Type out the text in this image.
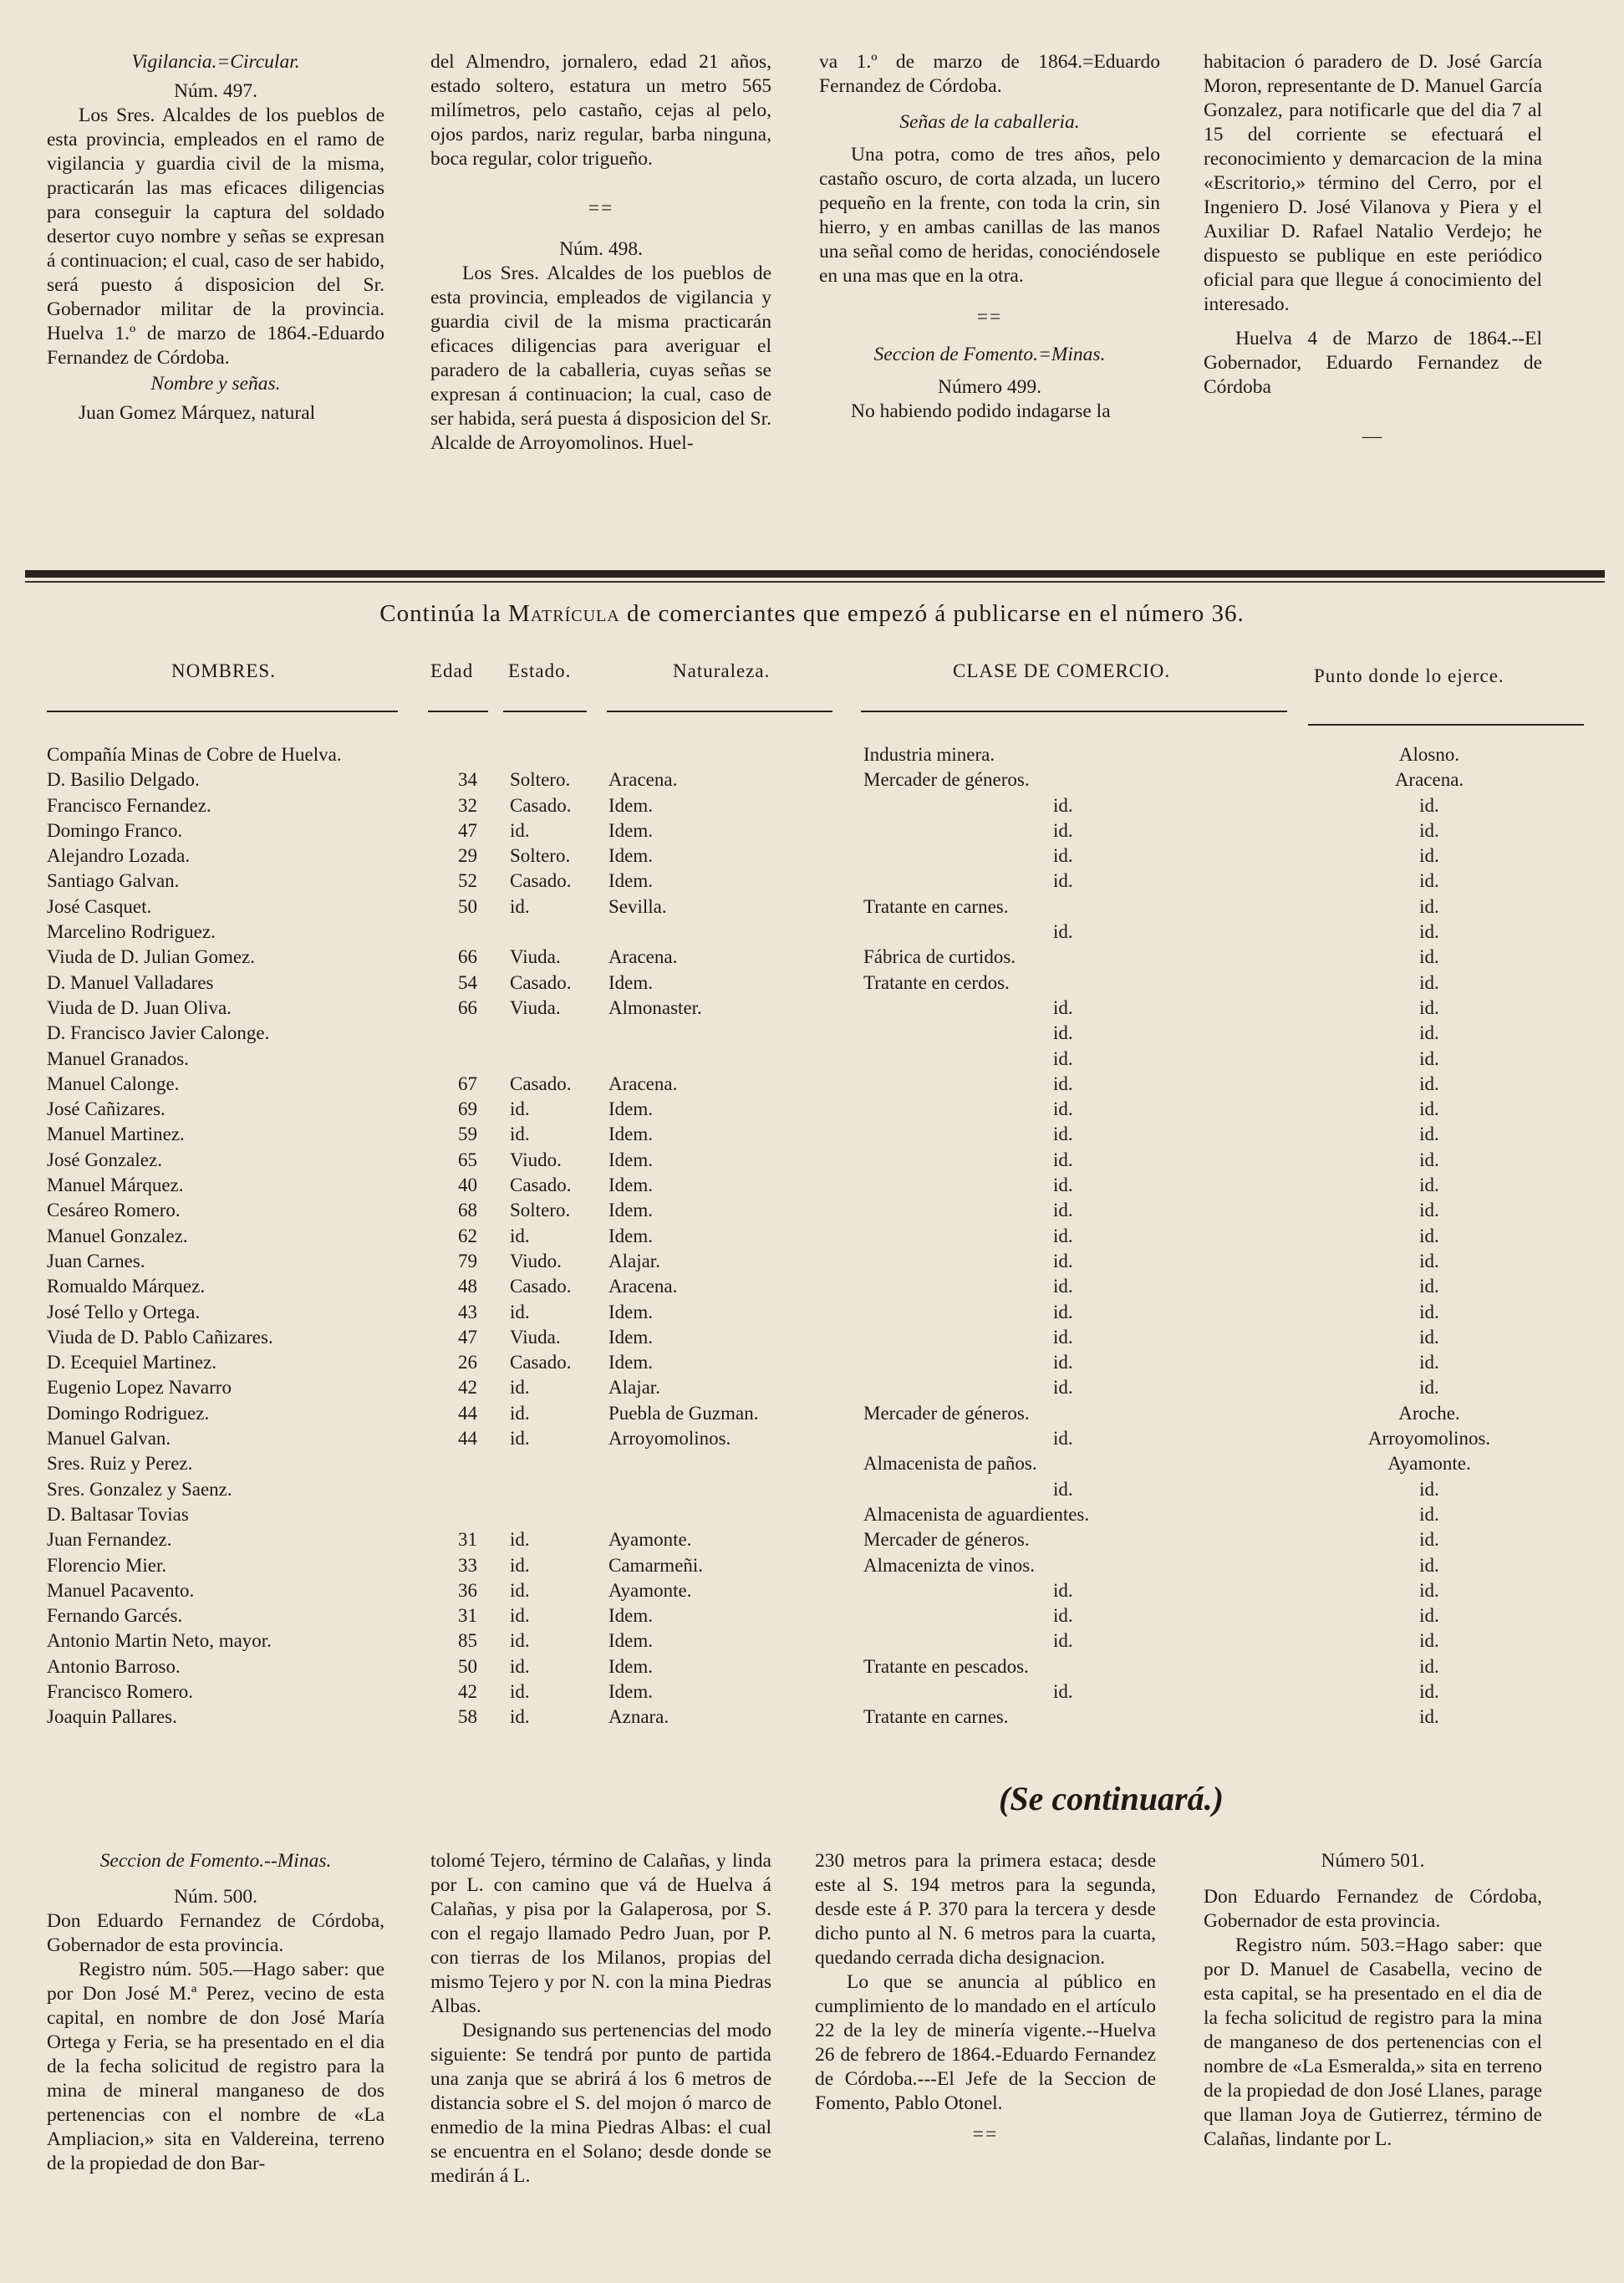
Vigilancia.=Circular.

Núm. 497.

Los Sres. Alcaldes de los pueblos de esta provincia, empleados en el ramo de vigilancia y guardia civil de la misma, practicarán las mas eficaces diligencias para conseguir la captura del soldado desertor cuyo nombre y señas se expresan á continuacion; el cual, caso de ser habido, será puesto á disposicion del Sr. Gobernador militar de la provincia. Huelva 1.º de marzo de 1864.-Eduardo Fernandez de Córdoba.

Nombre y señas.

Juan Gomez Márquez, natural

del Almendro, jornalero, edad 21 años, estado soltero, estatura un metro 565 milímetros, pelo castaño, cejas al pelo, ojos pardos, nariz regular, barba ninguna, boca regular, color trigueño.

==

Núm. 498.

Los Sres. Alcaldes de los pueblos de esta provincia, empleados de vigilancia y guardia civil de la misma practicarán eficaces diligencias para averiguar el paradero de la caballeria, cuyas señas se expresan á continuacion; la cual, caso de ser habida, será puesta á disposicion del Sr. Alcalde de Arroyomolinos. Huel-

va 1.º de marzo de 1864.=Eduardo Fernandez de Córdoba.

Señas de la caballeria.

Una potra, como de tres años, pelo castaño oscuro, de corta alzada, un lucero pequeño en la frente, con toda la crin, sin hierro, y en ambas canillas de las manos una señal como de heridas, conociéndosele en una mas que en la otra.

==

Seccion de Fomento.=Minas.

Número 499.

No habiendo podido indagarse la

habitacion ó paradero de D. José García Moron, representante de D. Manuel García Gonzalez, para notificarle que del dia 7 al 15 del corriente se efectuará el reconocimiento y demarcacion de la mina «Escritorio,» término del Cerro, por el Ingeniero D. José Vilanova y Piera y el Auxiliar D. Rafael Natalio Verdejo; he dispuesto se publique en este periódico oficial para que llegue á conocimiento del interesado.

Huelva 4 de Marzo de 1864.--El Gobernador, Eduardo Fernandez de Córdoba

—

Continúa la Matrícula de comerciantes que empezó á publicarse en el número 36.
NOMBRES.	Edad Estado.	Naturaleza.	CLASE DE COMERCIO.	Punto donde lo ejerce.
Compañía Minas de Cobre de Huelva.	Industria minera.	Alosno.
D. Basilio Delgado.	34 Soltero. Aracena.	Mercader de géneros.	Aracena.
Francisco Fernandez.	32 Casado. Idem.	id.	id.
Domingo Franco.	47 id.	Idem.	id.	id.
Alejandro Lozada.	29 Soltero. Idem.	id.	id.
Santiago Galvan.	52 Casado. Idem.	id.	id.
José Casquet.	50 id.	Sevilla.	Tratante en carnes.	id.
Marcelino Rodriguez.	id.	id.
Viuda de D. Julian Gomez.	66 Viuda. Aracena.	Fábrica de curtidos.	id.
D. Manuel Valladares	54 Casado. Idem.	Tratante en cerdos.	id.
Viuda de D. Juan Oliva.	66 Viuda. Almonaster.	id.	id.
D. Francisco Javier Calonge.	id.	id.
Manuel Granados.	id.	id.
Manuel Calonge.	67 Casado. Aracena.	id.	id.
José Cañizares.	69 id.	Idem.	id.	id.
Manuel Martinez.	59 id.	Idem.	id.	id.
José Gonzalez.	65 Viudo. Idem.	id.	id.
Manuel Márquez.	40 Casado. Idem.	id.	id.
Cesáreo Romero.	68 Soltero. Idem.	id.	id.
Manuel Gonzalez.	62 id.	Idem.	id.	id.
Juan Carnes.	79 Viudo. Alajar.	id.	id.
Romualdo Márquez.	48 Casado. Aracena.	id.	id.
José Tello y Ortega.	43 id.	Idem.	id.	id.
Viuda de D. Pablo Cañizares.	47 Viuda. Idem.	id.	id.
D. Ecequiel Martinez.	26 Casado. Idem.	id.	id.
Eugenio Lopez Navarro	42 id.	Alajar.	id.	id.
Domingo Rodriguez.	44 id.	Puebla de Guzman.	Mercader de géneros.	Aroche.
Manuel Galvan.	44 id.	Arroyomolinos.	id.	Arroyomolinos.
Sres. Ruiz y Perez.	Almacenista de paños.	Ayamonte.
Sres. Gonzalez y Saenz.	id.	id.
D. Baltasar Tovias	Almacenista de aguardientes.	id.
Juan Fernandez.	31 id.	Ayamonte.	Mercader de géneros.	id.
Florencio Mier.	33 id.	Camarmeñi.	Almacenizta de vinos.	id.
Manuel Pacavento.	36 id.	Ayamonte.	id.	id.
Fernando Garcés.	31 id.	Idem.	id.	id.
Antonio Martin Neto, mayor.	85 id.	Idem.	id.	id.
Antonio Barroso.	50 id.	Idem.	Tratante en pescados.	id.
Francisco Romero.	42 id.	Idem.	id.	id.
Joaquin Pallares.	58 id.	Aznara.	Tratante en carnes.	id.
(Se continuará.)

Seccion de Fomento.--Minas.

Núm. 500.

Don Eduardo Fernandez de Córdoba, Gobernador de esta provincia.

Registro núm. 505.—Hago saber: que por Don José M.ª Perez, vecino de esta capital, en nombre de don José María Ortega y Feria, se ha presentado en el dia de la fecha solicitud de registro para la mina de mineral manganeso de dos pertenencias con el nombre de «La Ampliacion,» sita en Valdereina, terreno de la propiedad de don Bar-

tolomé Tejero, término de Calañas, y linda por L. con camino que vá de Huelva á Calañas, y pisa por la Galaperosa, por S. con el regajo llamado Pedro Juan, por P. con tierras de los Milanos, propias del mismo Tejero y por N. con la mina Piedras Albas.

Designando sus pertenencias del modo siguiente: Se tendrá por punto de partida una zanja que se abrirá á los 6 metros de distancia sobre el S. del mojon ó marco de enmedio de la mina Piedras Albas: el cual se encuentra en el Solano; desde donde se medirán á L.

230 metros para la primera estaca; desde este al S. 194 metros para la segunda, desde este á P. 370 para la tercera y desde dicho punto al N. 6 metros para la cuarta, quedando cerrada dicha designacion.

Lo que se anuncia al público en cumplimiento de lo mandado en el artículo 22 de la ley de minería vigente.--Huelva 26 de febrero de 1864.-Eduardo Fernandez de Córdoba.---El Jefe de la Seccion de Fomento, Pablo Otonel.

==

Número 501.

Don Eduardo Fernandez de Córdoba, Gobernador de esta provincia.

Registro núm. 503.=Hago saber: que por D. Manuel de Casabella, vecino de esta capital, se ha presentado en el dia de la fecha solicitud de registro para la mina de manganeso de dos pertenencias con el nombre de «La Esmeralda,» sita en terreno de la propiedad de don José Llanes, parage que llaman Joya de Gutierrez, término de Calañas, lindante por L.
